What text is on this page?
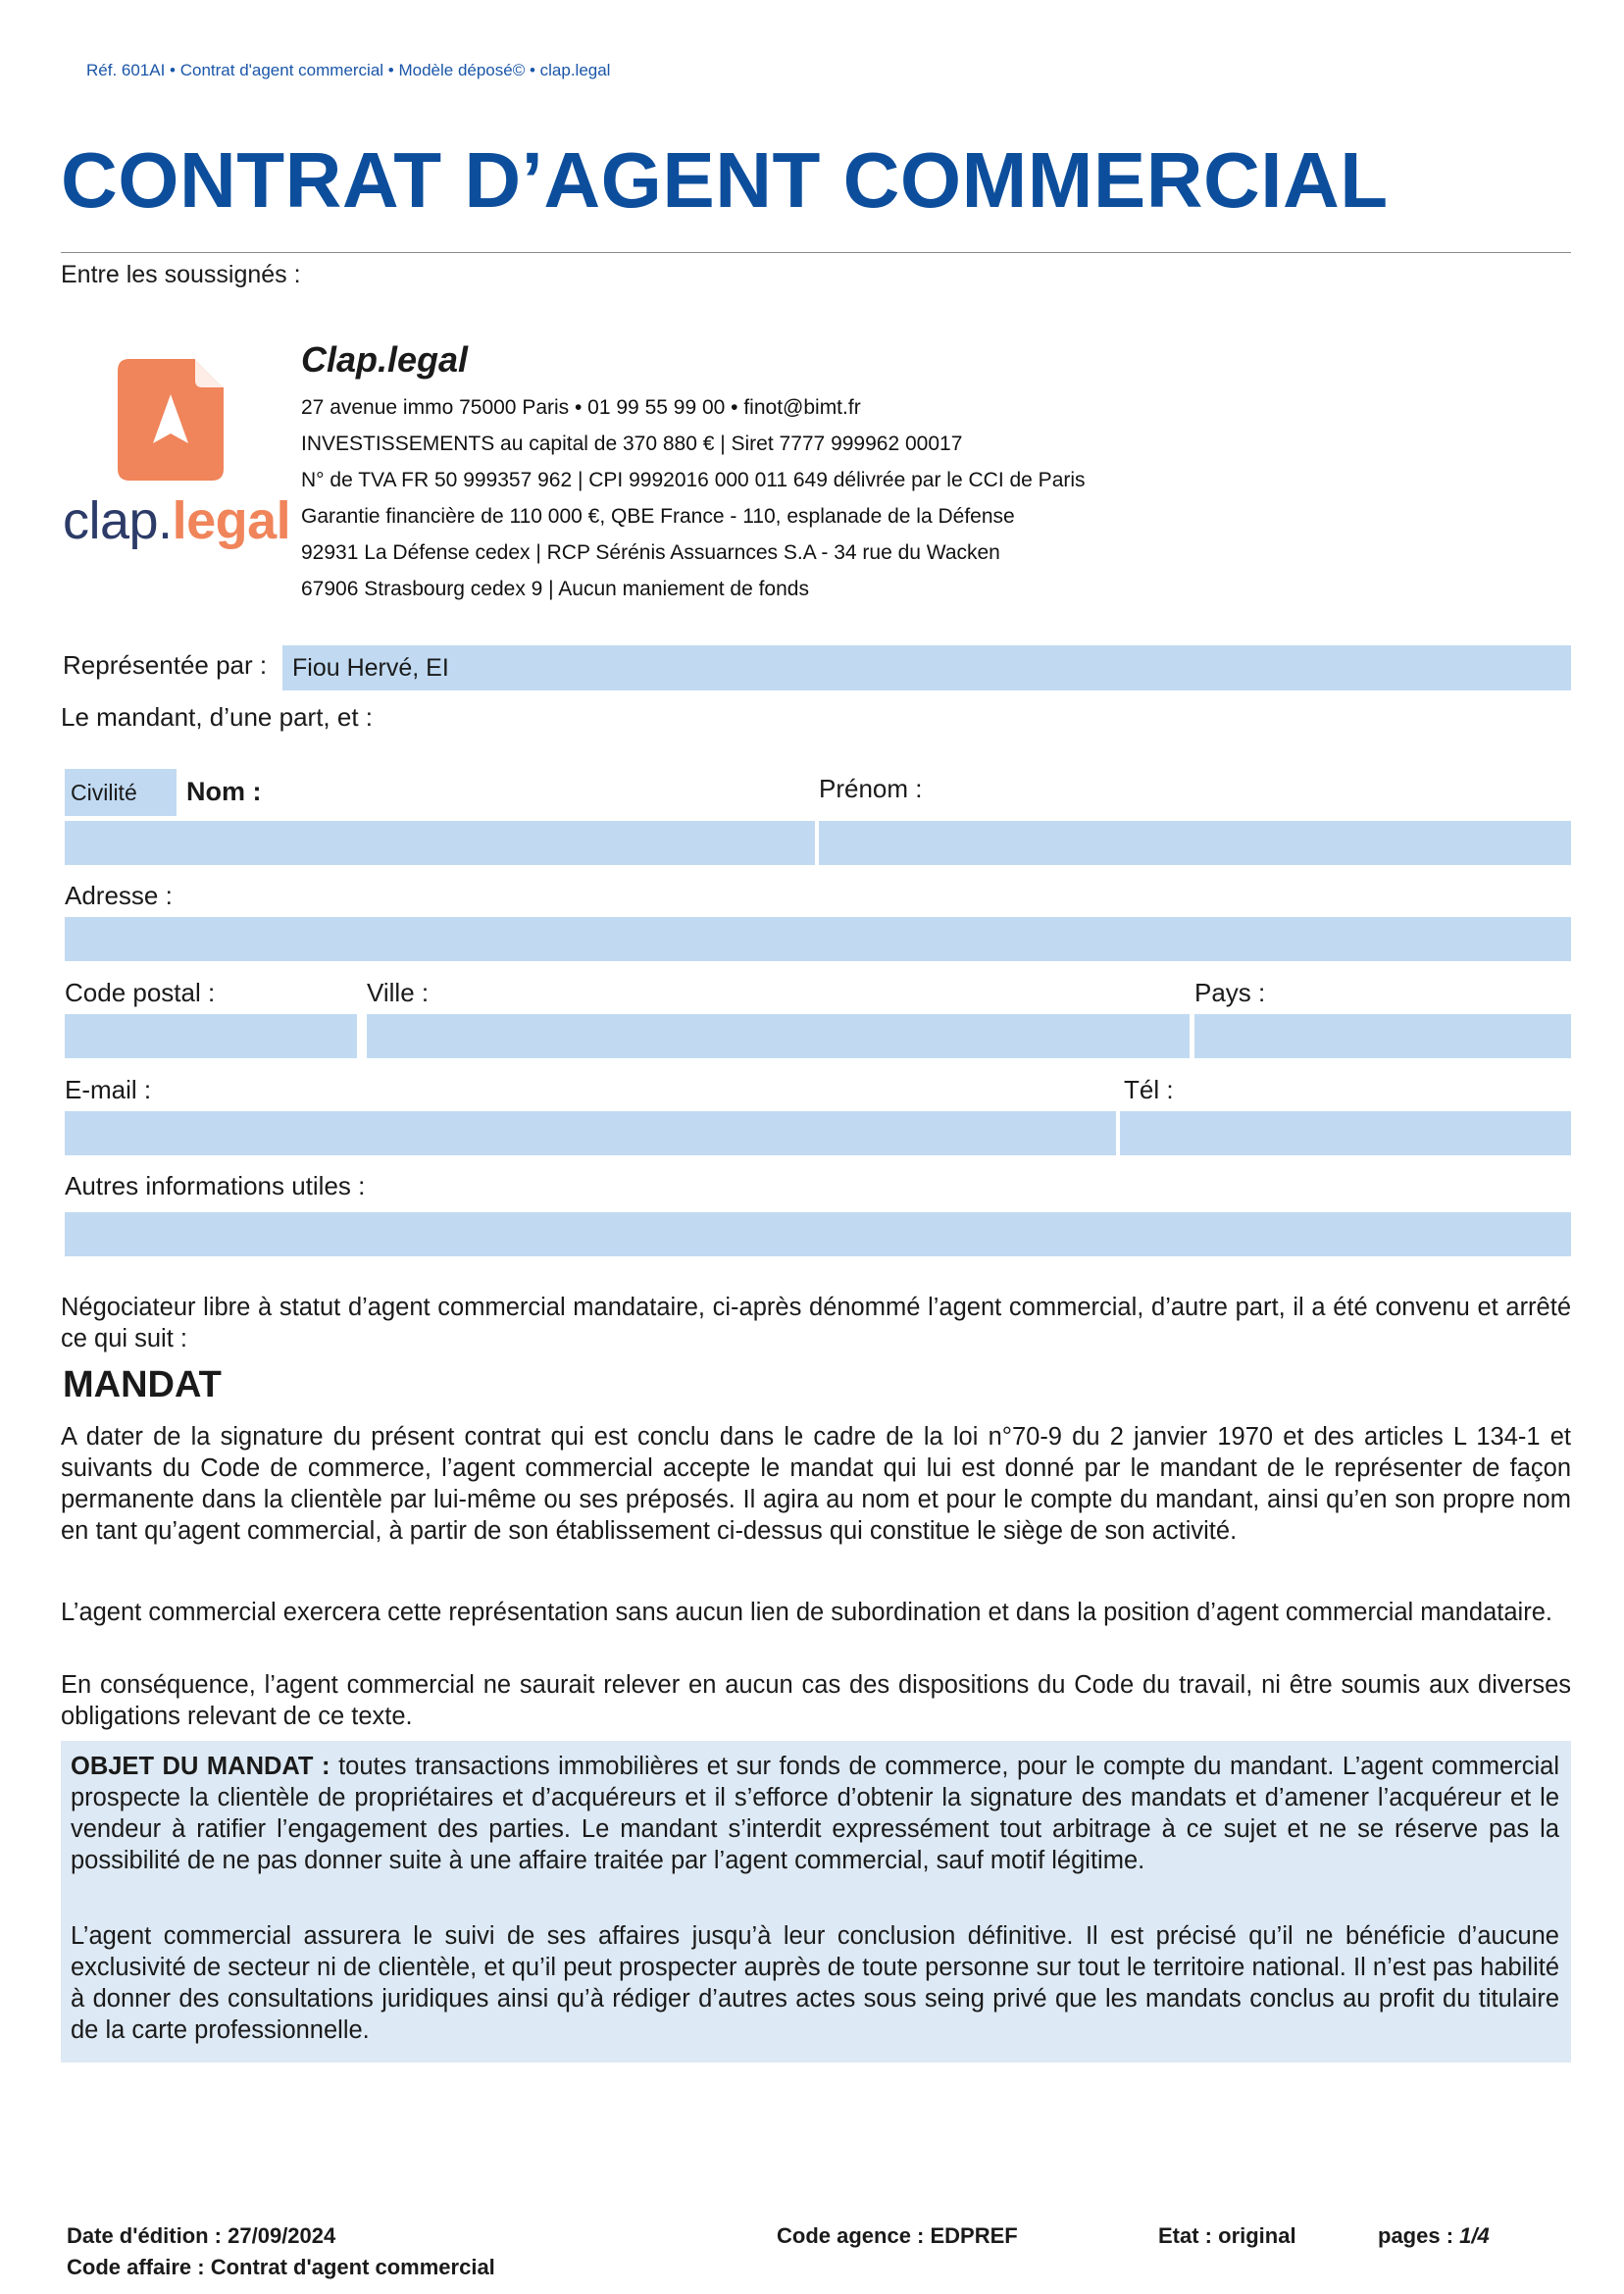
Réf. 601AI • Contrat d'agent commercial • Modèle déposé© • clap.legal
CONTRAT D’AGENT COMMERCIAL
Entre les soussignés :
clap.legal
Clap.legal
27 avenue immo 75000 Paris • 01 99 55 99 00 • finot@bimt.fr
INVESTISSEMENTS au capital de 370 880 € | Siret 7777 999962 00017
N° de TVA FR 50 999357 962 | CPI 9992016 000 011 649 délivrée par le CCI de Paris
Garantie financière de 110 000 €, QBE France - 110, esplanade de la Défense
92931 La Défense cedex | RCP Sérénis Assuarnces S.A - 34 rue du Wacken
67906 Strasbourg cedex 9 | Aucun maniement de fonds
Représentée par : Fiou Hervé, EI
Le mandant, d’une part, et :
Civilité Nom :	Prénom :
Adresse :
Code postal :	Ville :	Pays :
E-mail :	Tél :
Autres informations utiles :
Négociateur libre à statut d’agent commercial mandataire, ci-après dénommé l’agent commercial, d’autre part, il a été convenu et arrêté ce qui suit :
MANDAT
A dater de la signature du présent contrat qui est conclu dans le cadre de la loi n°70-9 du 2 janvier 1970 et des articles L 134-1 et suivants du Code de commerce, l’agent commercial accepte le mandat qui lui est donné par le mandant de le représenter de façon permanente dans la clientèle par lui-même ou ses préposés. Il agira au nom et pour le compte du mandant, ainsi qu’en son propre nom en tant qu’agent commercial, à partir de son établissement ci-dessus qui constitue le siège de son activité.
L’agent commercial exercera cette représentation sans aucun lien de subordination et dans la position d’agent commercial mandataire.
En conséquence, l’agent commercial ne saurait relever en aucun cas des dispositions du Code du travail, ni être soumis aux diverses obligations relevant de ce texte.
OBJET DU MANDAT : toutes transactions immobilières et sur fonds de commerce, pour le compte du mandant. L’agent commercial prospecte la clientèle de propriétaires et d’acquéreurs et il s’efforce d’obtenir la signature des mandats et d’amener l’acquéreur et le vendeur à ratifier l’engagement des parties. Le mandant s’interdit expressément tout arbitrage à ce sujet et ne se réserve pas la possibilité de ne pas donner suite à une affaire traitée par l’agent commercial, sauf motif légitime.
L’agent commercial assurera le suivi de ses affaires jusqu’à leur conclusion définitive. Il est précisé qu’il ne bénéficie d’aucune exclusivité de secteur ni de clientèle, et qu’il peut prospecter auprès de toute personne sur tout le territoire national. Il n’est pas habilité à donner des consultations juridiques ainsi qu’à rédiger d’autres actes sous seing privé que les mandats conclus au profit du titulaire de la carte professionnelle.
Date d'édition : 27/09/2024
Code affaire : Contrat d'agent commercial
Code agence : EDPREF	Etat : original	pages : 1/4
